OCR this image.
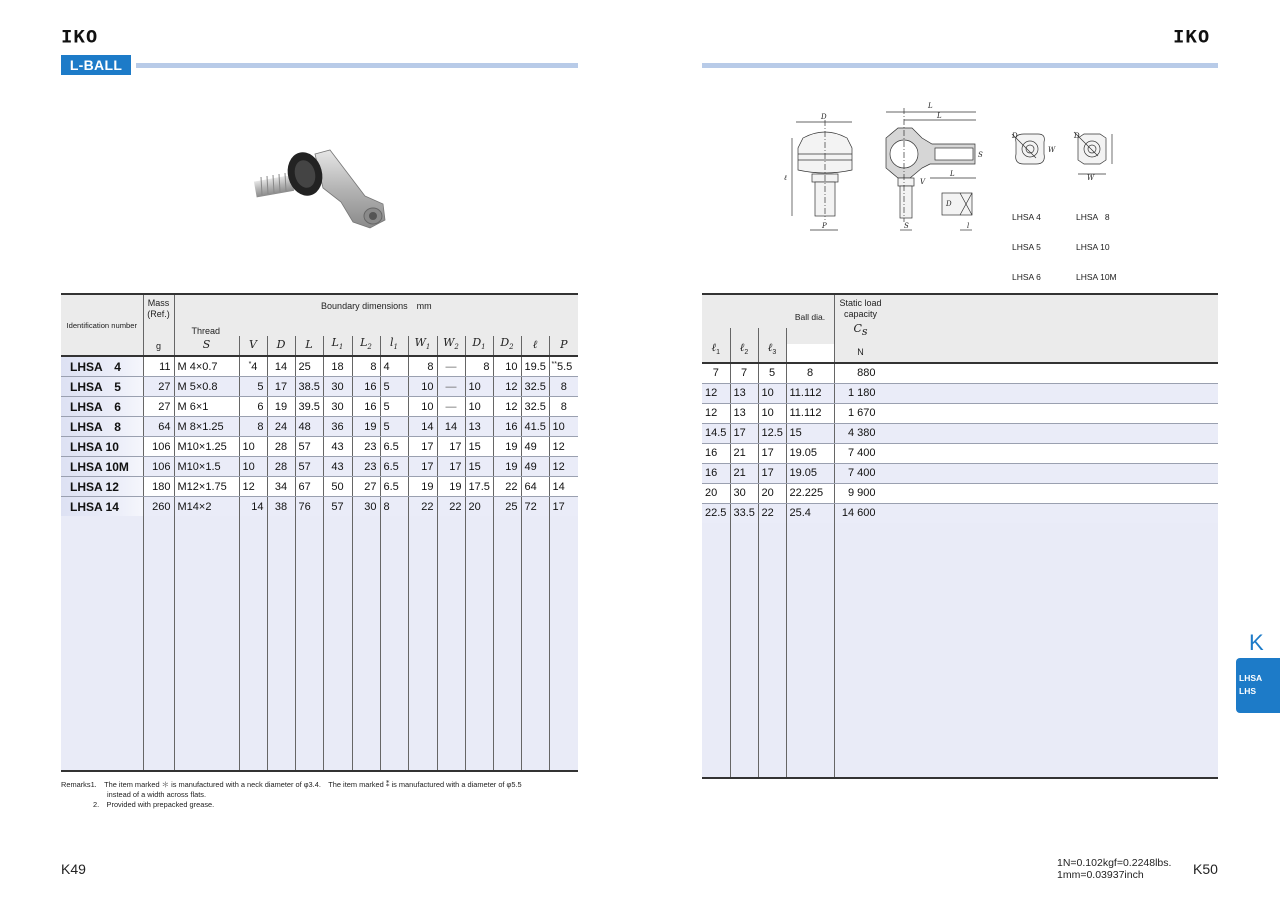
IKO
L-BALL
Identification number	Mass
(Ref.)	Boundary dimensions　mm												
	g	Thread												
		S	V	D	L	$L_1$	$L_2$	$l_1$	$W_1$	$W_2$	$D_1$	$D_2$	ℓ	P
LHSA　4	11	M 4×0.7	*4	14	25	18	8	4	8	—	8	10	19.5	**5.5
LHSA　5	27	M 5×0.8	5	17	38.5	30	16	5	10	—	10	12	32.5	8
LHSA　6	27	M 6×1	6	19	39.5	30	16	5	10	—	10	12	32.5	8
LHSA　8	64	M 8×1.25	8	24	48	36	19	5	14	14	13	16	41.5	10
LHSA 10	106	M10×1.25	10	28	57	43	23	6.5	17	17	15	19	49	12
LHSA 10M	106	M10×1.5	10	28	57	43	23	6.5	17	17	15	19	49	12
LHSA 12	180	M12×1.75	12	34	67	50	27	6.5	19	19	17.5	22	64	14
LHSA 14	260	M14×2	14	38	76	57	30	8	22	22	20	25	72	17

Remarks1.　The item marked ＊ is manufactured with a neck diameter of φ3.4.　The item marked ⁑ is manufactured with a diameter of φ5.5
instead of a width across flats.
2.　Provided with prepacked grease.
K49
IKO
D
L
L
S
L
V
P	S	l
D
D	D
W
W
ℓ

LHSA 4

LHSA 5

LHSA 6

LHSA   8

LHSA 10

LHSA 10M

				Static load
capacity
$C_s$
N

ℓ$_1$	ℓ$_2$	ℓ$_3$	Ball dia.	
7	7	5	8	880
12	13	10	11.112	1 180
12	13	10	11.112	1 670
14.5	17	12.5	15	4 380
16	21	17	19.05	7 400
16	21	17	19.05	7 400
20	30	20	22.225	9 900
22.5	33.5	22	25.4	14 600

K
LHSA
LHS
1N=0.102kgf=0.2248lbs.
1mm=0.03937inch	K50
